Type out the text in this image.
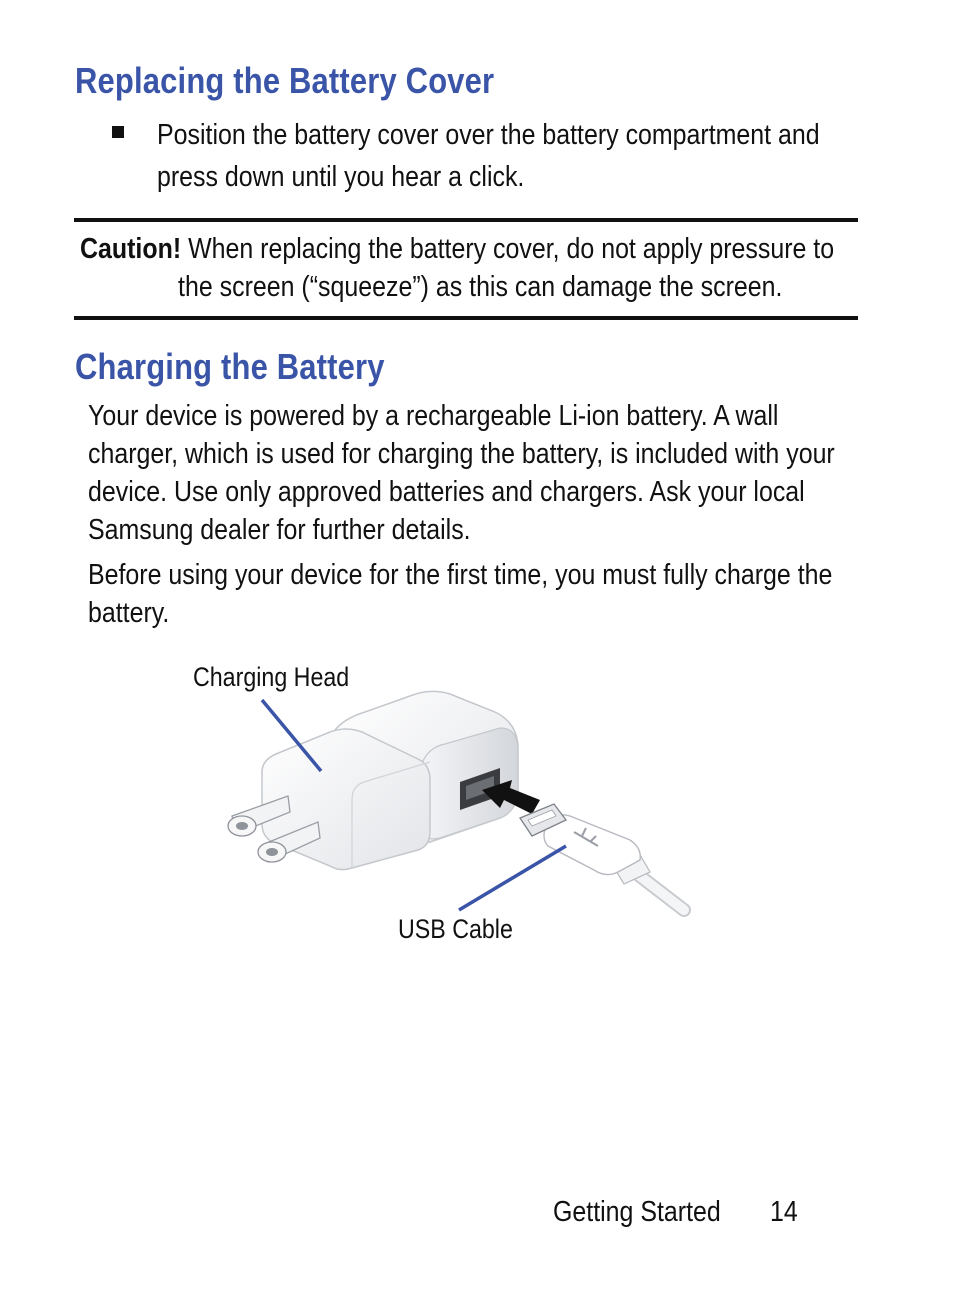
Replacing the Battery Cover
Position the battery cover over the battery compartment and
press down until you hear a click.
Caution! When replacing the battery cover, do not apply pressure to
the screen (“squeeze”) as this can damage the screen.
Charging the Battery
Your device is powered by a rechargeable Li-ion battery. A wall
charger, which is used for charging the battery, is included with your
device. Use only approved batteries and chargers. Ask your local
Samsung dealer for further details.
Before using your device for the first time, you must fully charge the
battery.
Charging Head
USB Cable
Getting Started 14
